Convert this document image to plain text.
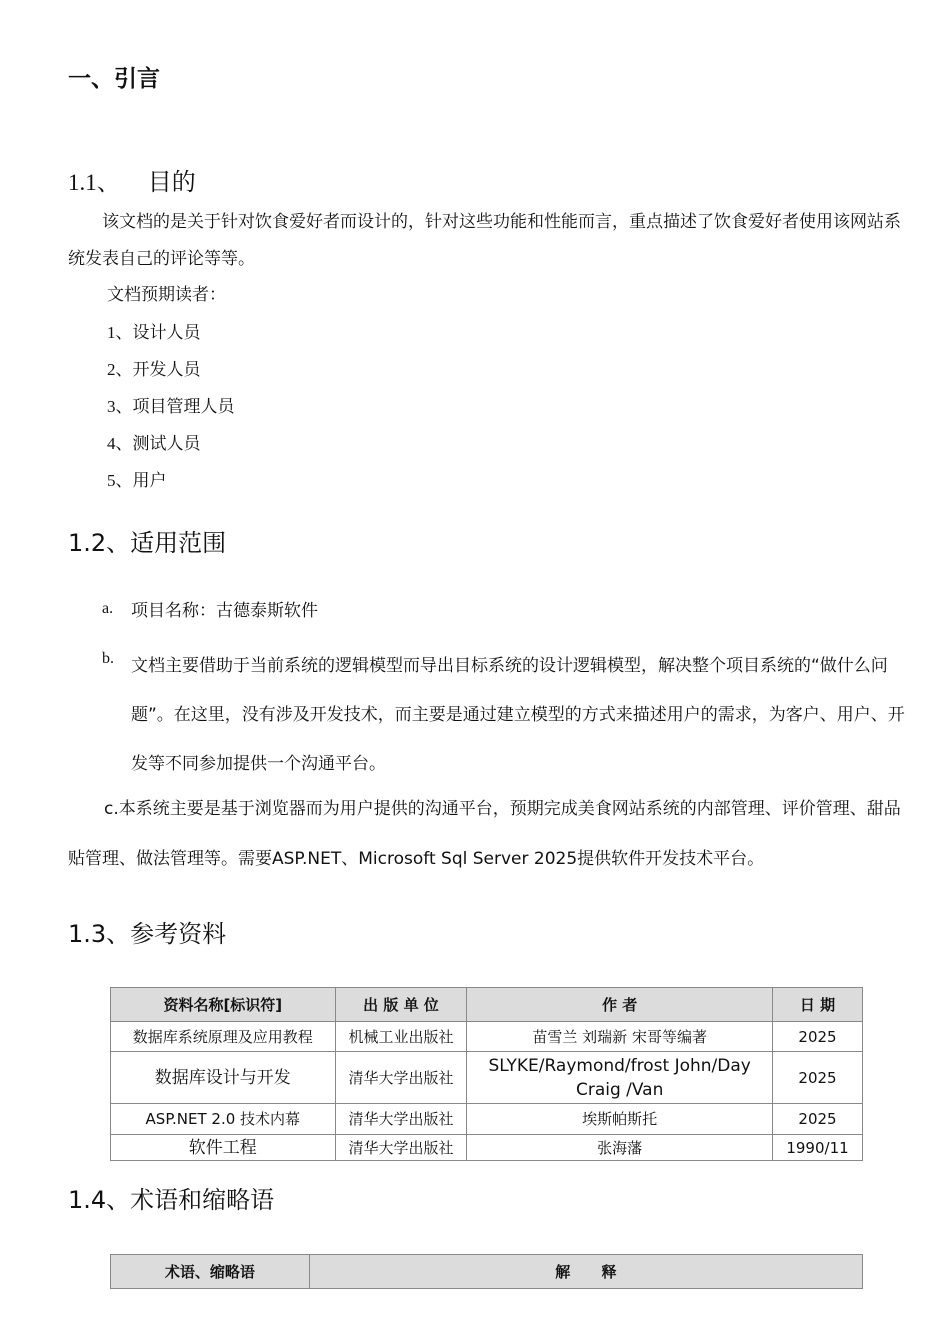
一、引言
1.1、 目的
该文档的是关于针对饮食爱好者而设计的，针对这些功能和性能而言，重点描述了饮食爱好者使用该网站系统发表自己的评论等等。
文档预期读者：
1、设计人员
2、开发人员
3、项目管理人员
4、测试人员
5、用户
1.2、适用范围
a. 项目名称：古德泰斯软件
b. 文档主要借助于当前系统的逻辑模型而导出目标系统的设计逻辑模型，解决整个项目系统的“做什么问题”。在这里，没有涉及开发技术，而主要是通过建立模型的方式来描述用户的需求，为客户、用户、开发等不同参加提供一个沟通平台。
c.本系统主要是基于浏览器而为用户提供的沟通平台，预期完成美食网站系统的内部管理、评价管理、甜品贴管理、做法管理等。需要ASP.NET、Microsoft Sql Server 2025提供软件开发技术平台。
1.3、参考资料
资料名称[标识符]	出 版 单 位	作 者	日 期
数据库系统原理及应用教程	机械工业出版社	苗雪兰 刘瑞新 宋哥等编著	2025
数据库设计与开发	清华大学出版社	SLYKE/Raymond/frost John/Day Craig /Van	2025
ASP.NET 2.0 技术内幕	清华大学出版社	埃斯帕斯托	2025
软件工程	清华大学出版社	张海藩	1990/11
1.4、术语和缩略语
术语、缩略语	解      释
